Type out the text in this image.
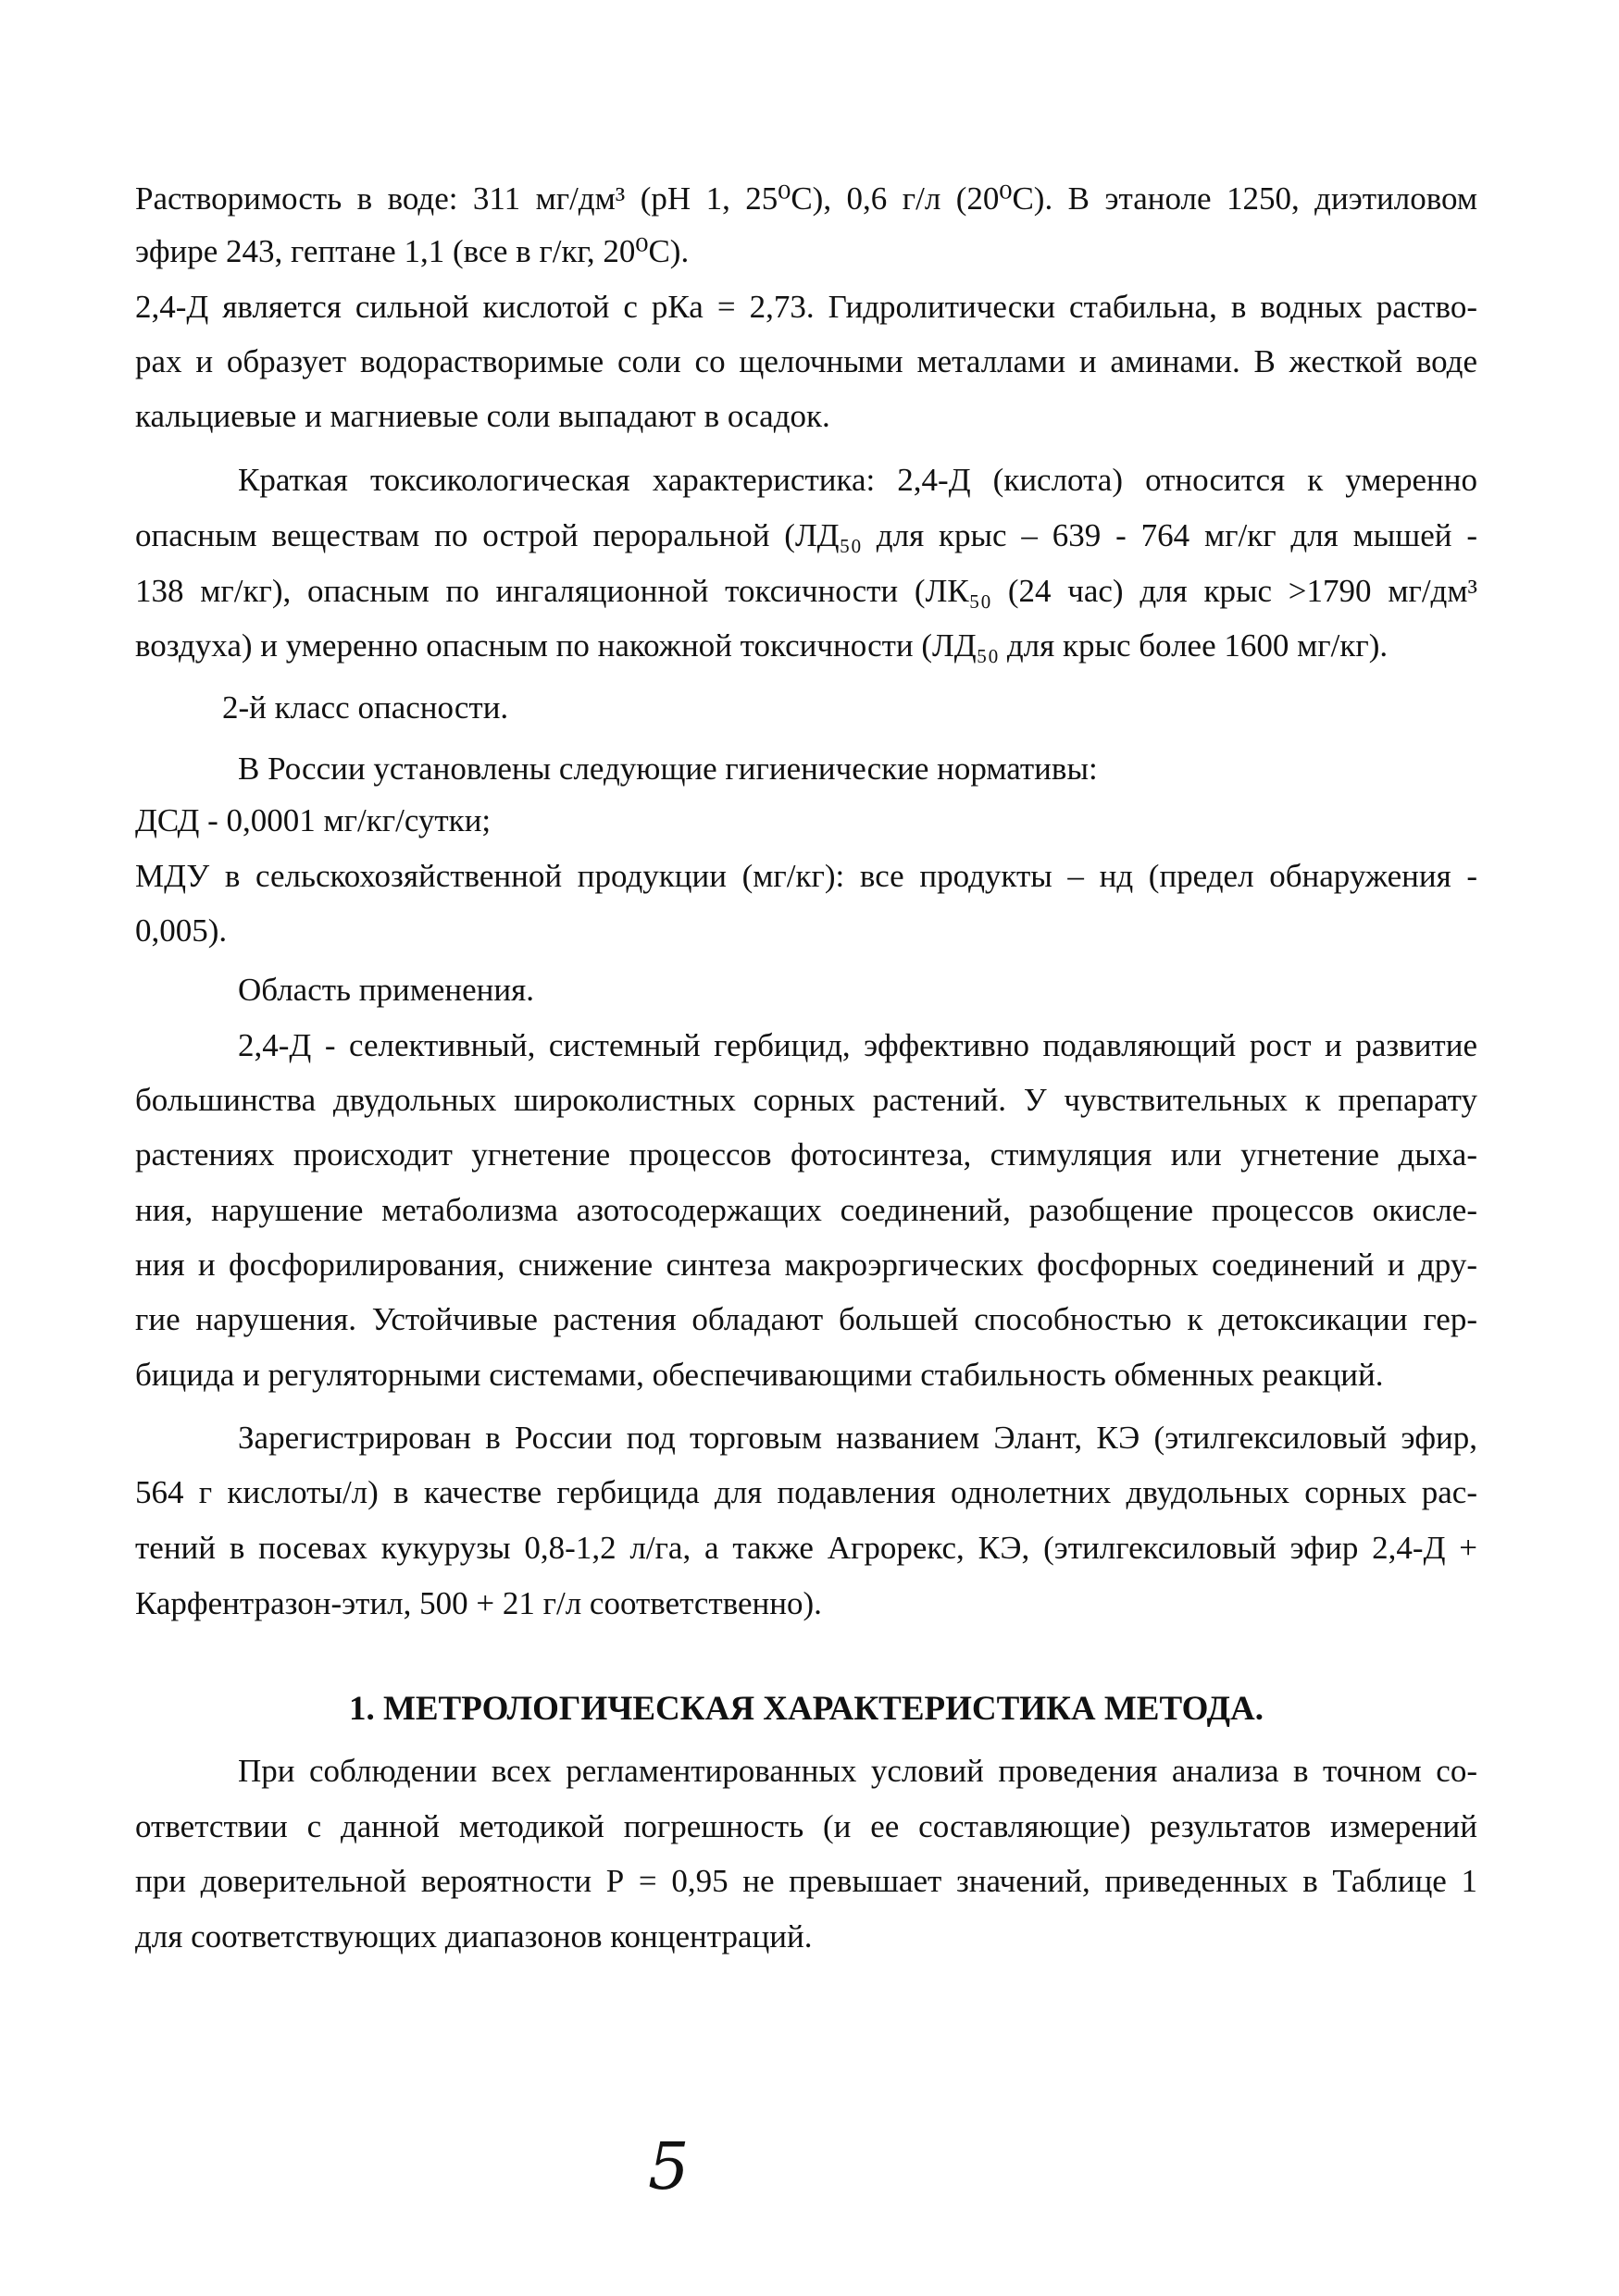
Растворимость в воде: 311 мг/дм³ (рН 1, 25⁰С), 0,6 г/л (20⁰С). В этаноле 1250, диэтиловом
эфире 243, гептане 1,1 (все в г/кг, 20⁰С).
2,4-Д является сильной кислотой с рКа = 2,73. Гидролитически стабильна, в водных раство-
рах и образует водорастворимые соли со щелочными металлами и аминами. В жесткой воде
кальциевые и магниевые соли выпадают в осадок.
Краткая токсикологическая характеристика: 2,4-Д (кислота) относится к умеренно
опасным веществам по острой пероральной (ЛД₅₀ для крыс – 639 - 764 мг/кг для мышей -
138 мг/кг), опасным по ингаляционной токсичности (ЛК₅₀ (24 час) для крыс >1790 мг/дм³
воздуха) и умеренно опасным по накожной токсичности (ЛД₅₀ для крыс более 1600 мг/кг).
2-й класс опасности.
В России установлены следующие гигиенические нормативы:
ДСД - 0,0001 мг/кг/сутки;
МДУ в сельскохозяйственной продукции (мг/кг): все продукты – нд (предел обнаружения -
0,005).
Область применения.
2,4-Д - селективный, системный гербицид, эффективно подавляющий рост и развитие
большинства двудольных широколистных сорных растений. У чувствительных к препарату
растениях происходит угнетение процессов фотосинтеза, стимуляция или угнетение дыха-
ния, нарушение метаболизма азотосодержащих соединений, разобщение процессов окисле-
ния и фосфорилирования, снижение синтеза макроэргических фосфорных соединений и дру-
гие нарушения. Устойчивые растения обладают большей способностью к детоксикации гер-
бицида и регуляторными системами, обеспечивающими стабильность обменных реакций.
Зарегистрирован в России под торговым названием Элант, КЭ (этилгексиловый эфир,
564 г кислоты/л) в качестве гербицида для подавления однолетних двудольных сорных рас-
тений в посевах кукурузы 0,8-1,2 л/га, а также Агрорекс, КЭ, (этилгексиловый эфир 2,4-Д +
Карфентразон-этил, 500 + 21 г/л соответственно).
1. МЕТРОЛОГИЧЕСКАЯ ХАРАКТЕРИСТИКА МЕТОДА.
При соблюдении всех регламентированных условий проведения анализа в точном со-
ответствии с данной методикой погрешность (и ее составляющие) результатов измерений
при доверительной вероятности Р = 0,95 не превышает значений, приведенных в Таблице 1
для соответствующих диапазонов концентраций.
5
